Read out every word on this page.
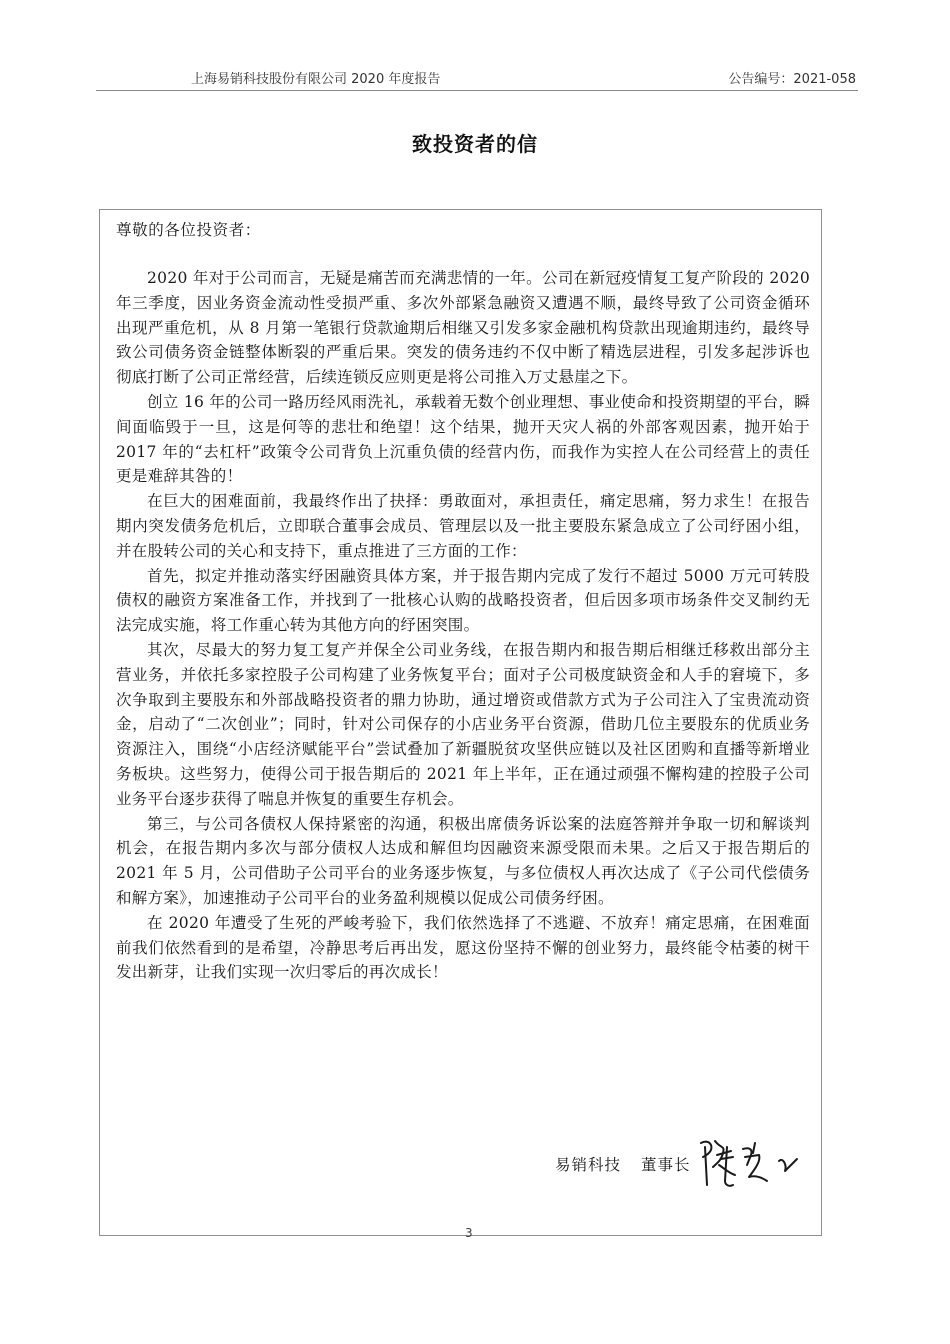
上海易销科技股份有限公司 2020 年度报告	公告编号：2021-058
致投资者的信
尊敬的各位投资者：

2020 年对于公司而言，无疑是痛苦而充满悲情的一年。公司在新冠疫情复工复产阶段的 2020 年三季度，因业务资金流动性受损严重、多次外部紧急融资又遭遇不顺，最终导致了公司资金循环出现严重危机，从 8 月第一笔银行贷款逾期后相继又引发多家金融机构贷款出现逾期违约，最终导致公司债务资金链整体断裂的严重后果。突发的债务违约不仅中断了精选层进程，引发多起涉诉也彻底打断了公司正常经营，后续连锁反应则更是将公司推入万丈悬崖之下。

创立 16 年的公司一路历经风雨洗礼，承载着无数个创业理想、事业使命和投资期望的平台，瞬间面临毁于一旦，这是何等的悲壮和绝望！这个结果，抛开天灾人祸的外部客观因素，抛开始于 2017 年的“去杠杆”政策令公司背负上沉重负债的经营内伤，而我作为实控人在公司经营上的责任更是难辞其咎的！

在巨大的困难面前，我最终作出了抉择：勇敢面对，承担责任，痛定思痛，努力求生！在报告期内突发债务危机后，立即联合董事会成员、管理层以及一批主要股东紧急成立了公司纾困小组，并在股转公司的关心和支持下，重点推进了三方面的工作：

首先，拟定并推动落实纾困融资具体方案，并于报告期内完成了发行不超过 5000 万元可转股债权的融资方案准备工作，并找到了一批核心认购的战略投资者，但后因多项市场条件交叉制约无法完成实施，将工作重心转为其他方向的纾困突围。

其次，尽最大的努力复工复产并保全公司业务线，在报告期内和报告期后相继迁移救出部分主营业务，并依托多家控股子公司构建了业务恢复平台；面对子公司极度缺资金和人手的窘境下，多次争取到主要股东和外部战略投资者的鼎力协助，通过增资或借款方式为子公司注入了宝贵流动资金，启动了“二次创业”；同时，针对公司保存的小店业务平台资源，借助几位主要股东的优质业务资源注入，围绕“小店经济赋能平台”尝试叠加了新疆脱贫攻坚供应链以及社区团购和直播等新增业务板块。这些努力，使得公司于报告期后的 2021 年上半年，正在通过顽强不懈构建的控股子公司业务平台逐步获得了喘息并恢复的重要生存机会。

第三，与公司各债权人保持紧密的沟通，积极出席债务诉讼案的法庭答辩并争取一切和解谈判机会，在报告期内多次与部分债权人达成和解但均因融资来源受限而未果。之后又于报告期后的 2021 年 5 月，公司借助子公司平台的业务逐步恢复，与多位债权人再次达成了《子公司代偿债务和解方案》，加速推动子公司平台的业务盈利规模以促成公司债务纾困。

在 2020 年遭受了生死的严峻考验下，我们依然选择了不逃避、不放弃！痛定思痛，在困难面前我们依然看到的是希望，冷静思考后再出发，愿这份坚持不懈的创业努力，最终能令枯萎的树干发出新芽，让我们实现一次归零后的再次成长！

易销科技 董事长
3
